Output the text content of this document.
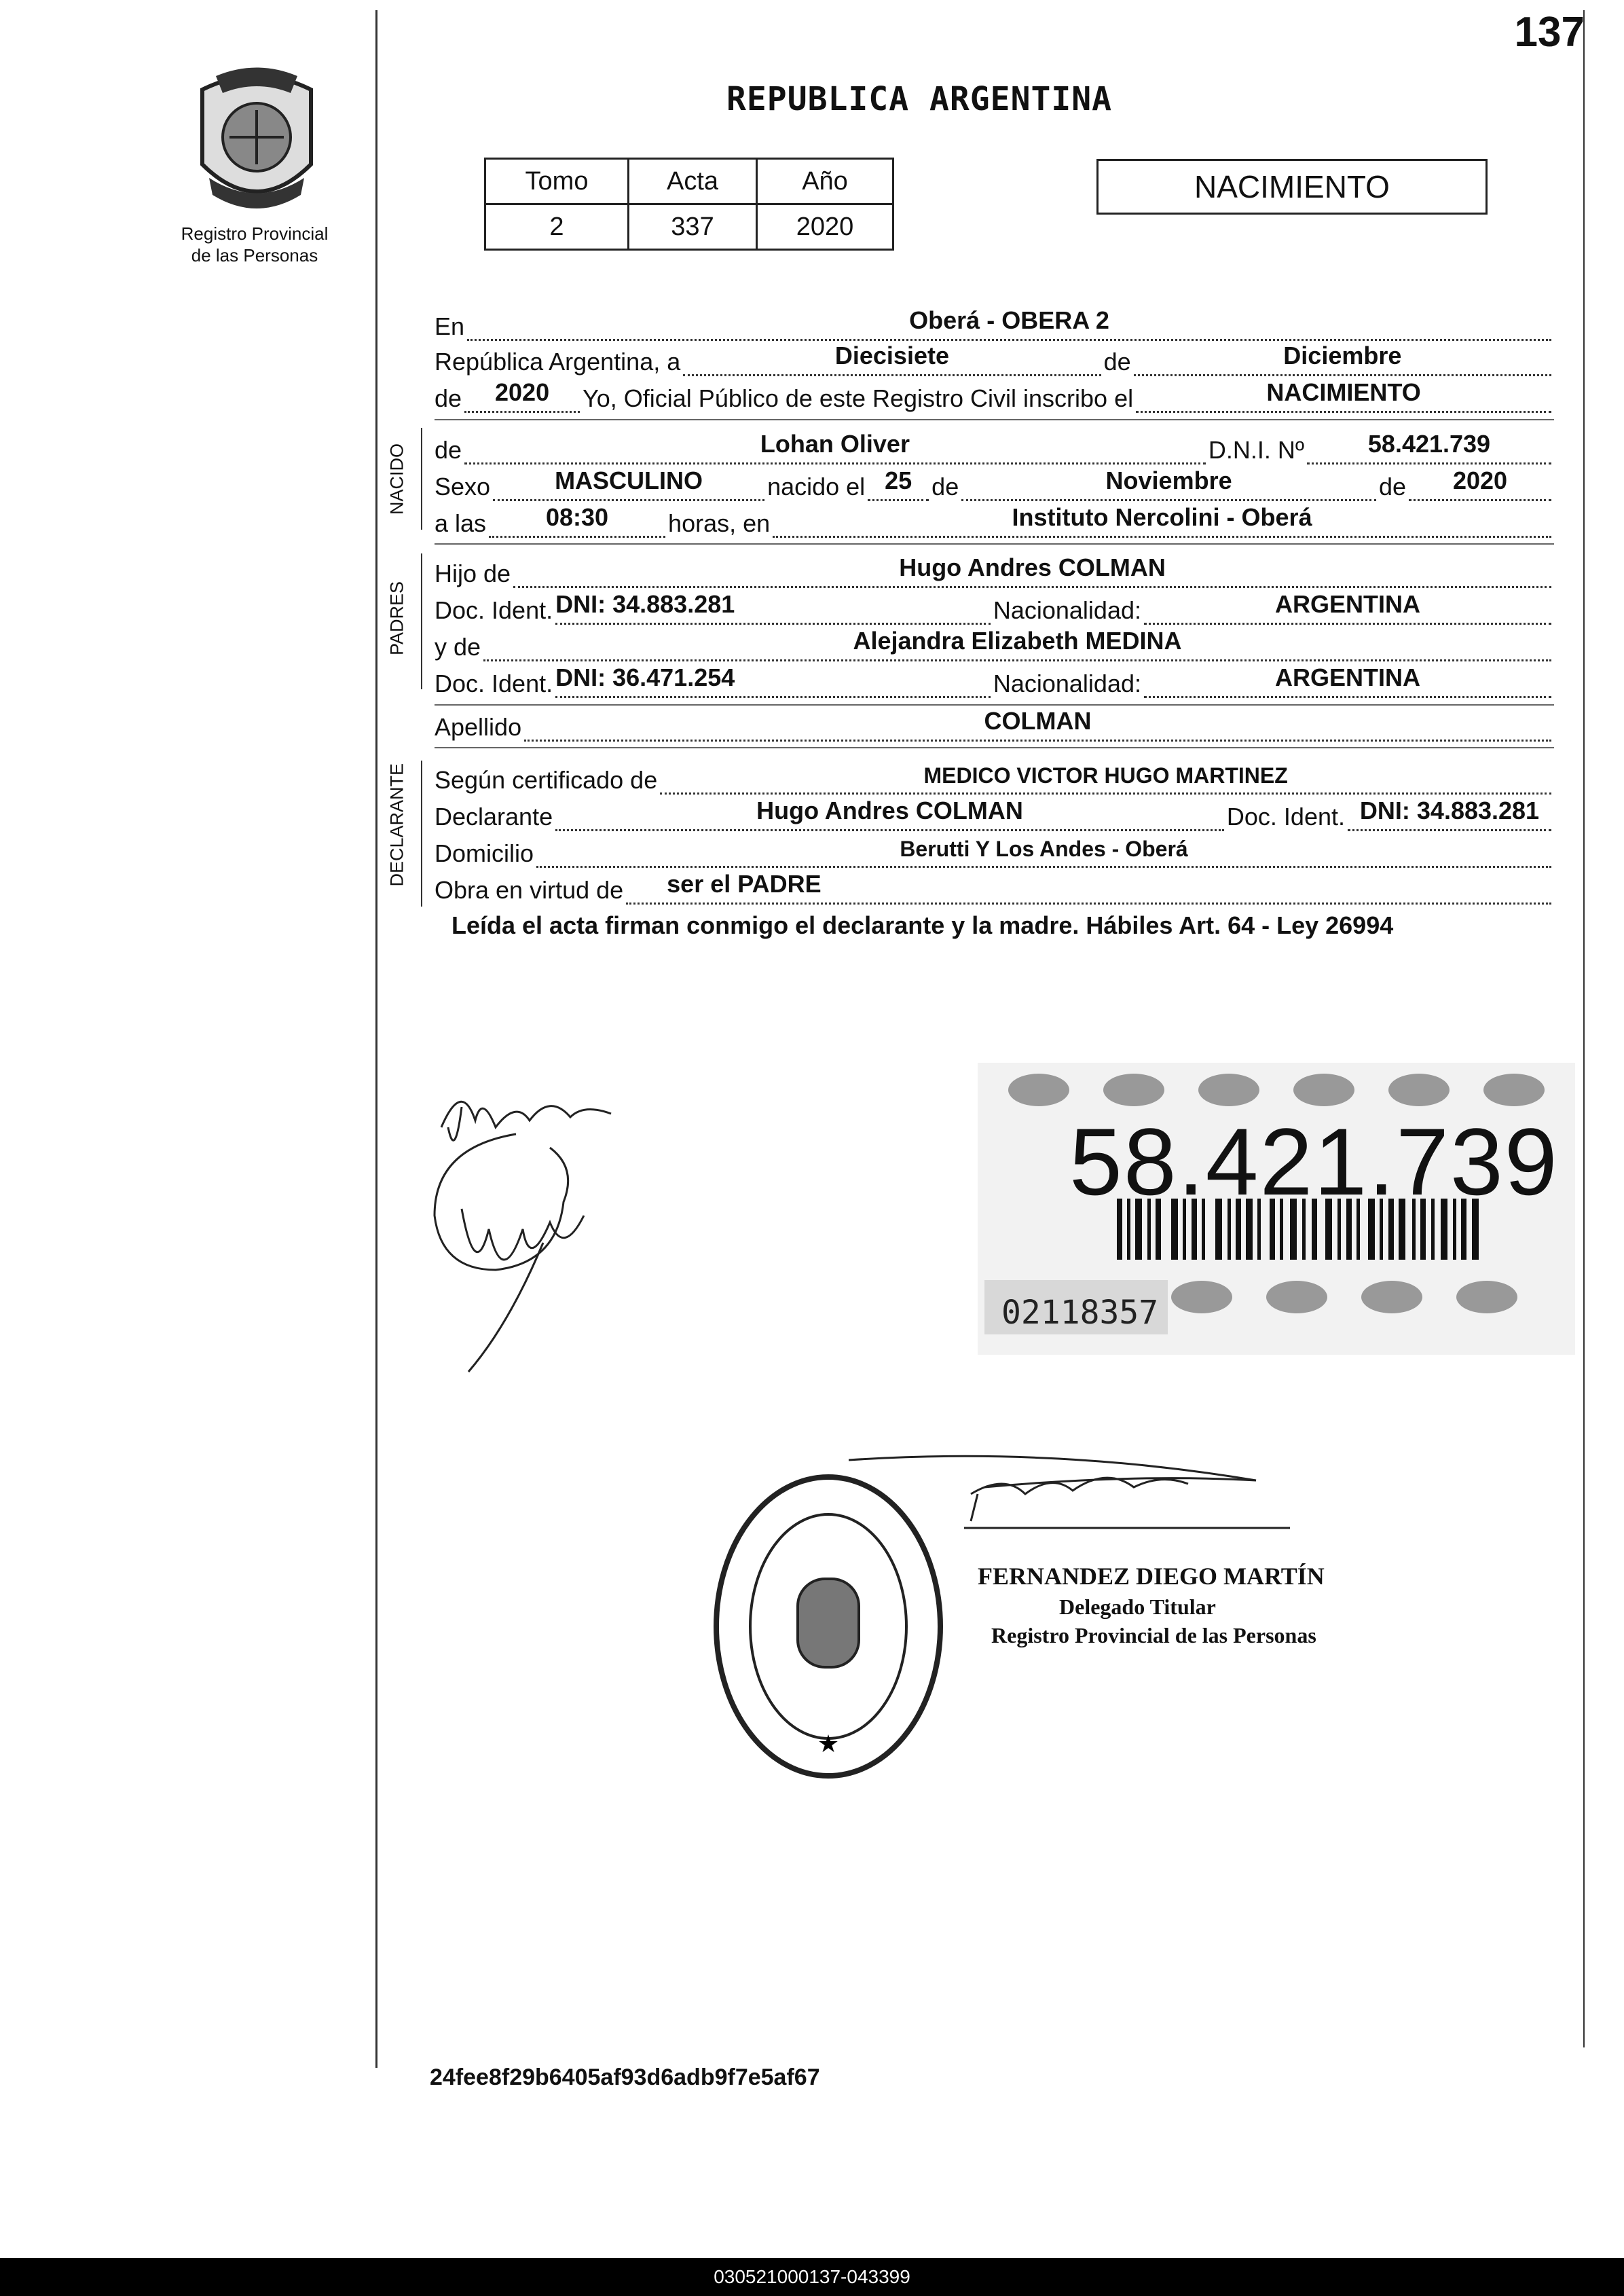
137
Registro Provincial
de las Personas
REPUBLICA ARGENTINA
Tomo	Acta	Año
2	337	2020
NACIMIENTO
En	Oberá - OBERA 2
República Argentina, a	Diecisiete	de	Diciembre
de	2020	Yo, Oficial Público de este Registro Civil inscribo el	NACIMIENTO
NACIDO de	Lohan Oliver	D.N.I. Nº	58.421.739
Sexo	MASCULINO	nacido el 25 de	Noviembre	de	2020
a las	08:30	horas, en	Instituto Nercolini - Oberá
PADRES
Hijo de	Hugo Andres COLMAN
Doc. Ident. DNI: 34.883.281	Nacionalidad:	ARGENTINA
y de	Alejandra Elizabeth MEDINA
Doc. Ident. DNI: 36.471.254	Nacionalidad:	ARGENTINA
Apellido	COLMAN
DECLARANTE Según certificado de	MEDICO VICTOR HUGO MARTINEZ
Declarante	Hugo Andres COLMAN	Doc. Ident. DNI: 34.883.281
Domicilio	Berutti Y Los Andes - Oberá
Obra en virtud de	ser el PADRE
Leída el acta firman conmigo el declarante y la madre. Hábiles Art. 64 - Ley 26994
58.421.739
02118357
★
FERNANDEZ DIEGO MARTÍN
Delegado Titular
Registro Provincial de las Personas
24fee8f29b6405af93d6adb9f7e5af67
030521000137-043399
